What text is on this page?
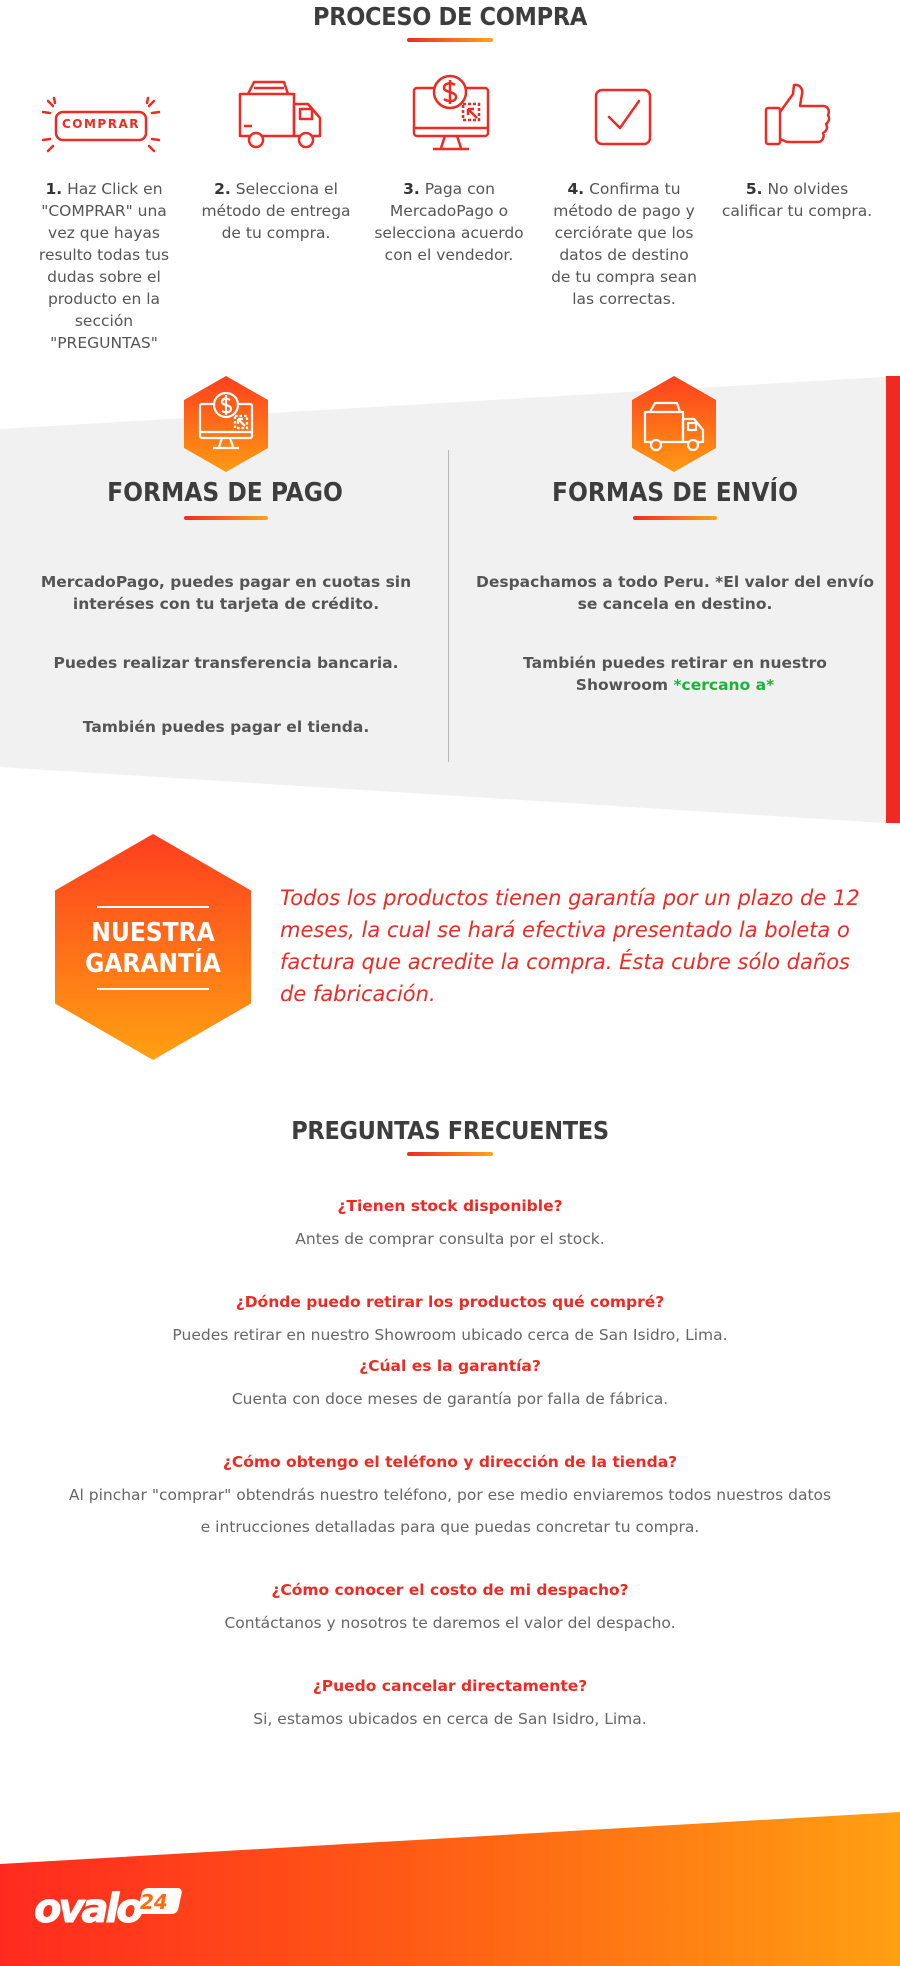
PROCESO DE COMPRA
COMPRAR
1. Haz Click en
"COMPRAR" una
vez que hayas
resulto todas tus
dudas sobre el
producto en la
sección
"PREGUNTAS"
2. Selecciona el
método de entrega
de tu compra.
3. Paga con
MercadoPago o
selecciona acuerdo
con el vendedor.
4. Confirma tu
método de pago y
cerciórate que los
datos de destino
de tu compra sean
las correctas.
5. No olvides
calificar tu compra.
FORMAS DE PAGO	FORMAS DE ENVÍO
MercadoPago, puedes pagar en cuotas sin
interéses con tu tarjeta de crédito.
Puedes realizar transferencia bancaria.
También puedes pagar el tienda.
Despachamos a todo Peru. *El valor del envío
se cancela en destino.
También puedes retirar en nuestro
Showroom *cercano a*
NUESTRA
GARANTÍA
Todos los productos tienen garantía por un plazo de 12
meses, la cual se hará efectiva presentado la boleta o
factura que acredite la compra. Ésta cubre sólo daños
de fabricación.
PREGUNTAS FRECUENTES
¿Tienen stock disponible?
Antes de comprar consulta por el stock.
¿Dónde puedo retirar los productos qué compré?
Puedes retirar en nuestro Showroom ubicado cerca de San Isidro, Lima.
¿Cúal es la garantía?
Cuenta con doce meses de garantía por falla de fábrica.
¿Cómo obtengo el teléfono y dirección de la tienda?
Al pinchar "comprar" obtendrás nuestro teléfono, por ese medio enviaremos todos nuestros datos
e intrucciones detalladas para que puedas concretar tu compra.
¿Cómo conocer el costo de mi despacho?
Contáctanos y nosotros te daremos el valor del despacho.
¿Puedo cancelar directamente?
Si, estamos ubicados en cerca de San Isidro, Lima.
ovalo 24
